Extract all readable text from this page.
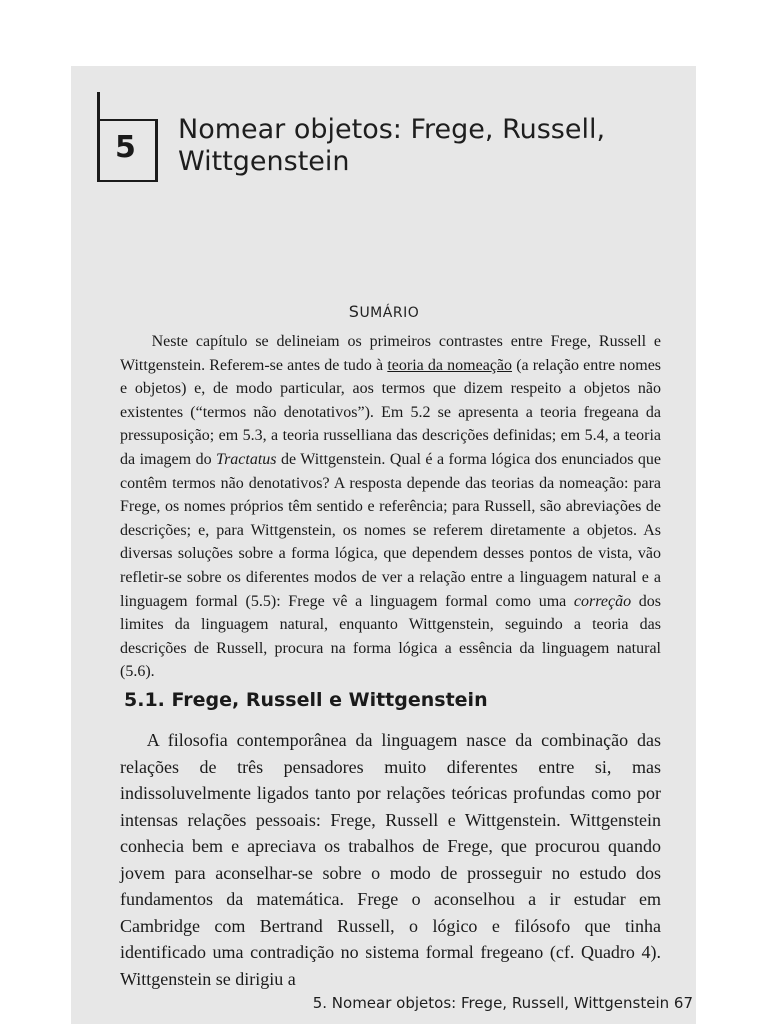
5
Nomear objetos: Frege, Russell,
Wittgenstein
SUMÁRIO
Neste capítulo se delineiam os primeiros contrastes entre Frege, Russell e Wittgenstein. Referem-se antes de tudo à teoria da nomeação (a relação entre nomes e objetos) e, de modo particular, aos termos que dizem respeito a objetos não existentes (“termos não denotativos”). Em 5.2 se apresenta a teoria fregeana da pressuposição; em 5.3, a teoria russelliana das descrições definidas; em 5.4, a teoria da imagem do Tractatus de Wittgenstein. Qual é a forma lógica dos enunciados que contêm termos não denotativos? A resposta depende das teorias da nomeação: para Frege, os nomes próprios têm sentido e referência; para Russell, são abreviações de descrições; e, para Wittgenstein, os nomes se referem diretamente a objetos. As diversas soluções sobre a forma lógica, que dependem desses pontos de vista, vão refletir-se sobre os diferentes modos de ver a relação entre a linguagem natural e a linguagem formal (5.5): Frege vê a linguagem formal como uma correção dos limites da linguagem natural, enquanto Wittgenstein, seguindo a teoria das descrições de Russell, procura na forma lógica a essência da linguagem natural (5.6).
5.1. Frege, Russell e Wittgenstein
A filosofia contemporânea da linguagem nasce da combinação das relações de três pensadores muito diferentes entre si, mas indissoluvelmente ligados tanto por relações teóricas profundas como por intensas relações pessoais: Frege, Russell e Wittgenstein. Wittgenstein conhecia bem e apreciava os trabalhos de Frege, que procurou quando jovem para aconselhar-se sobre o modo de prosseguir no estudo dos fundamentos da matemática. Frege o aconselhou a ir estudar em Cambridge com Bertrand Russell, o lógico e filósofo que tinha identificado uma contradição no sistema formal fregeano (cf. Quadro 4). Wittgenstein se dirigiu a
5. Nomear objetos: Frege, Russell, Wittgenstein 67
